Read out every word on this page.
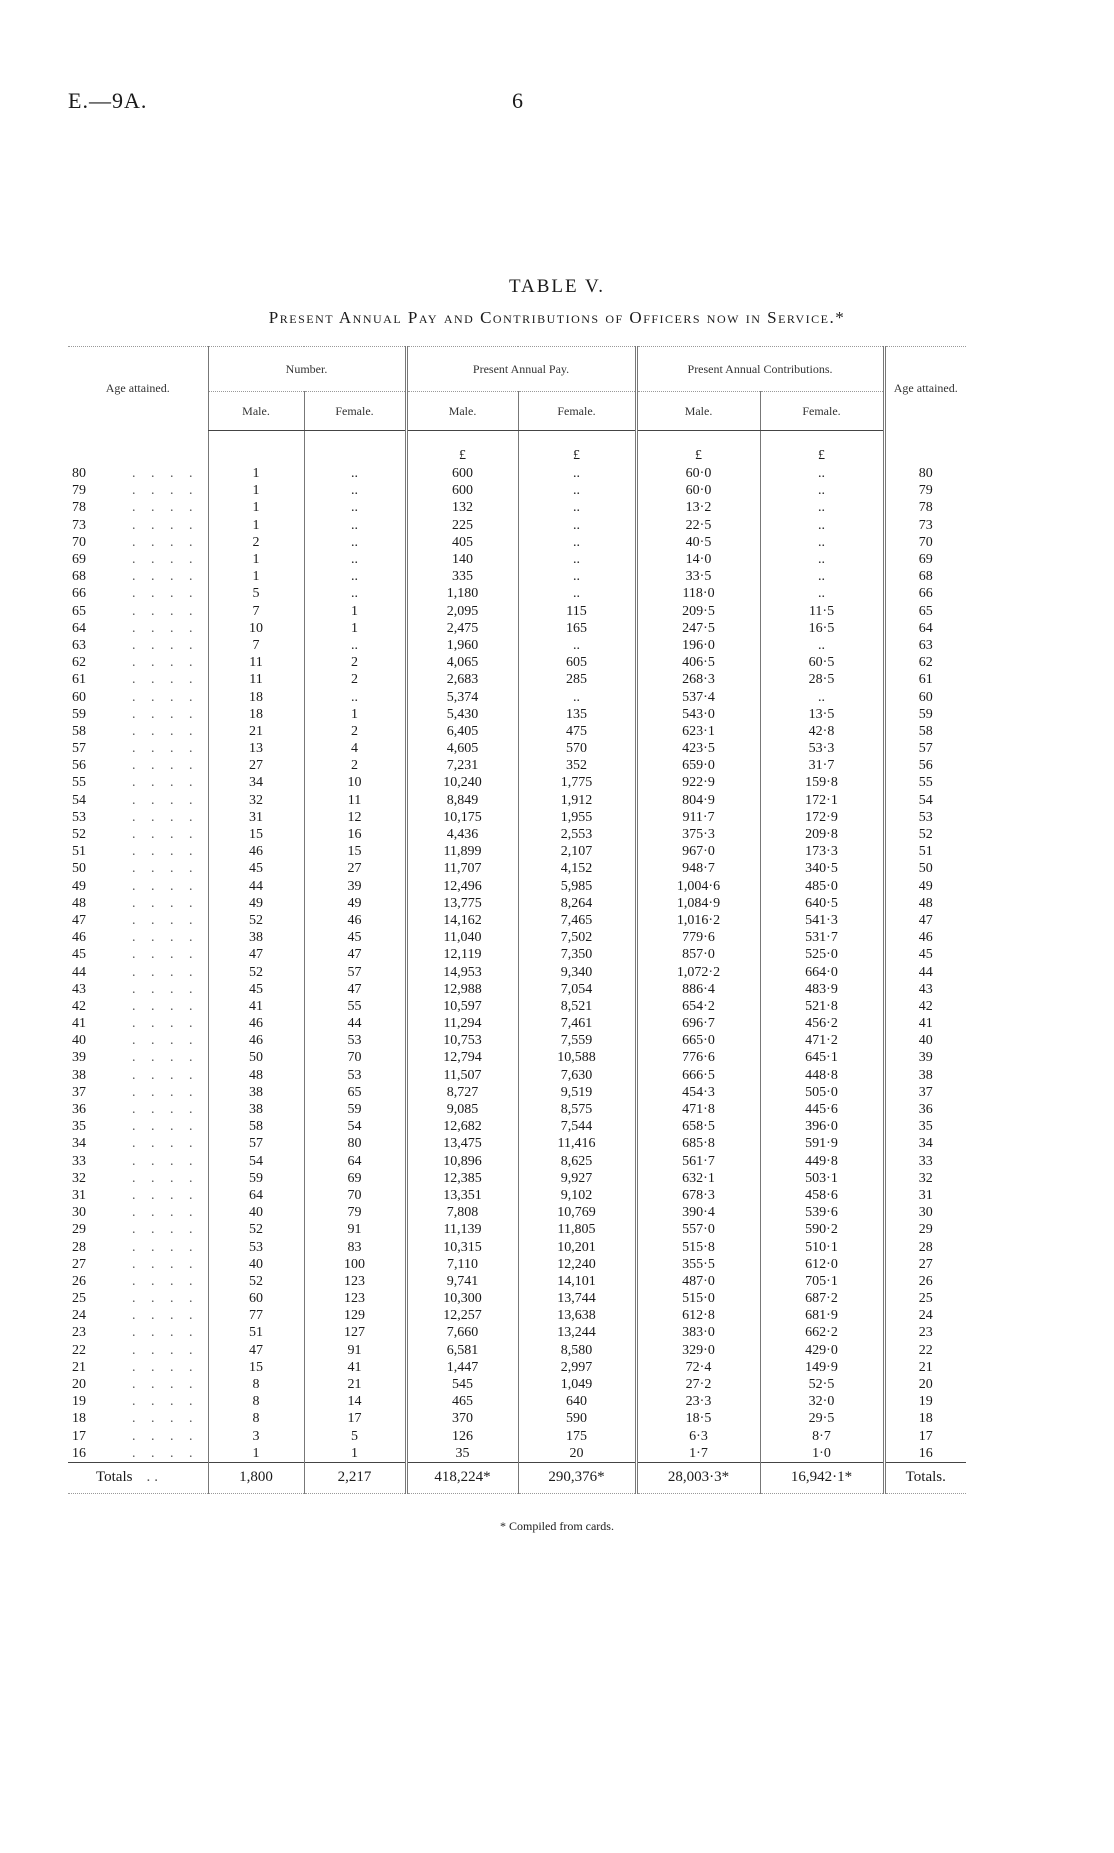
E.—9A.	6
TABLE V.
Present Annual Pay and Contributions of Officers now in Service.*
Age attained.	Number.		Present Annual Pay.		Present Annual Contributions.		Age attained.
	Male.	Female.	Male.	Female.	Male.	Female.	

			£	£	£	£	
80 . . . .	1	..	600	..	60·0	..	80
79 . . . .	1	..	600	..	60·0	..	79
78 . . . .	1	..	132	..	13·2	..	78
73 . . . .	1	..	225	..	22·5	..	73
70 . . . .	2	..	405	..	40·5	..	70
69 . . . .	1	..	140	..	14·0	..	69
68 . . . .	1	..	335	..	33·5	..	68
66 . . . .	5	..	1,180	..	118·0	..	66
65 . . . .	7	1	2,095	115	209·5	11·5	65
64 . . . .	10	1	2,475	165	247·5	16·5	64
63 . . . .	7	..	1,960	..	196·0	..	63
62 . . . .	11	2	4,065	605	406·5	60·5	62
61 . . . .	11	2	2,683	285	268·3	28·5	61
60 . . . .	18	..	5,374	..	537·4	..	60
59 . . . .	18	1	5,430	135	543·0	13·5	59
58 . . . .	21	2	6,405	475	623·1	42·8	58
57 . . . .	13	4	4,605	570	423·5	53·3	57
56 . . . .	27	2	7,231	352	659·0	31·7	56
55 . . . .	34	10	10,240	1,775	922·9	159·8	55
54 . . . .	32	11	8,849	1,912	804·9	172·1	54
53 . . . .	31	12	10,175	1,955	911·7	172·9	53
52 . . . .	15	16	4,436	2,553	375·3	209·8	52
51 . . . .	46	15	11,899	2,107	967·0	173·3	51
50 . . . .	45	27	11,707	4,152	948·7	340·5	50
49 . . . .	44	39	12,496	5,985	1,004·6	485·0	49
48 . . . .	49	49	13,775	8,264	1,084·9	640·5	48
47 . . . .	52	46	14,162	7,465	1,016·2	541·3	47
46 . . . .	38	45	11,040	7,502	779·6	531·7	46
45 . . . .	47	47	12,119	7,350	857·0	525·0	45
44 . . . .	52	57	14,953	9,340	1,072·2	664·0	44
43 . . . .	45	47	12,988	7,054	886·4	483·9	43
42 . . . .	41	55	10,597	8,521	654·2	521·8	42
41 . . . .	46	44	11,294	7,461	696·7	456·2	41
40 . . . .	46	53	10,753	7,559	665·0	471·2	40
39 . . . .	50	70	12,794	10,588	776·6	645·1	39
38 . . . .	48	53	11,507	7,630	666·5	448·8	38
37 . . . .	38	65	8,727	9,519	454·3	505·0	37
36 . . . .	38	59	9,085	8,575	471·8	445·6	36
35 . . . .	58	54	12,682	7,544	658·5	396·0	35
34 . . . .	57	80	13,475	11,416	685·8	591·9	34
33 . . . .	54	64	10,896	8,625	561·7	449·8	33
32 . . . .	59	69	12,385	9,927	632·1	503·1	32
31 . . . .	64	70	13,351	9,102	678·3	458·6	31
30 . . . .	40	79	7,808	10,769	390·4	539·6	30
29 . . . .	52	91	11,139	11,805	557·0	590·2	29
28 . . . .	53	83	10,315	10,201	515·8	510·1	28
27 . . . .	40	100	7,110	12,240	355·5	612·0	27
26 . . . .	52	123	9,741	14,101	487·0	705·1	26
25 . . . .	60	123	10,300	13,744	515·0	687·2	25
24 . . . .	77	129	12,257	13,638	612·8	681·9	24
23 . . . .	51	127	7,660	13,244	383·0	662·2	23
22 . . . .	47	91	6,581	8,580	329·0	429·0	22
21 . . . .	15	41	1,447	2,997	72·4	149·9	21
20 . . . .	8	21	545	1,049	27·2	52·5	20
19 . . . .	8	14	465	640	23·3	32·0	19
18 . . . .	8	17	370	590	18·5	29·5	18
17 . . . .	3	5	126	175	6·3	8·7	17
16 . . . .	1	1	35	20	1·7	1·0	16
Totals ..	1,800	2,217	418,224*	290,376*	28,003·3*	16,942·1*	Totals.
* Compiled from cards.
